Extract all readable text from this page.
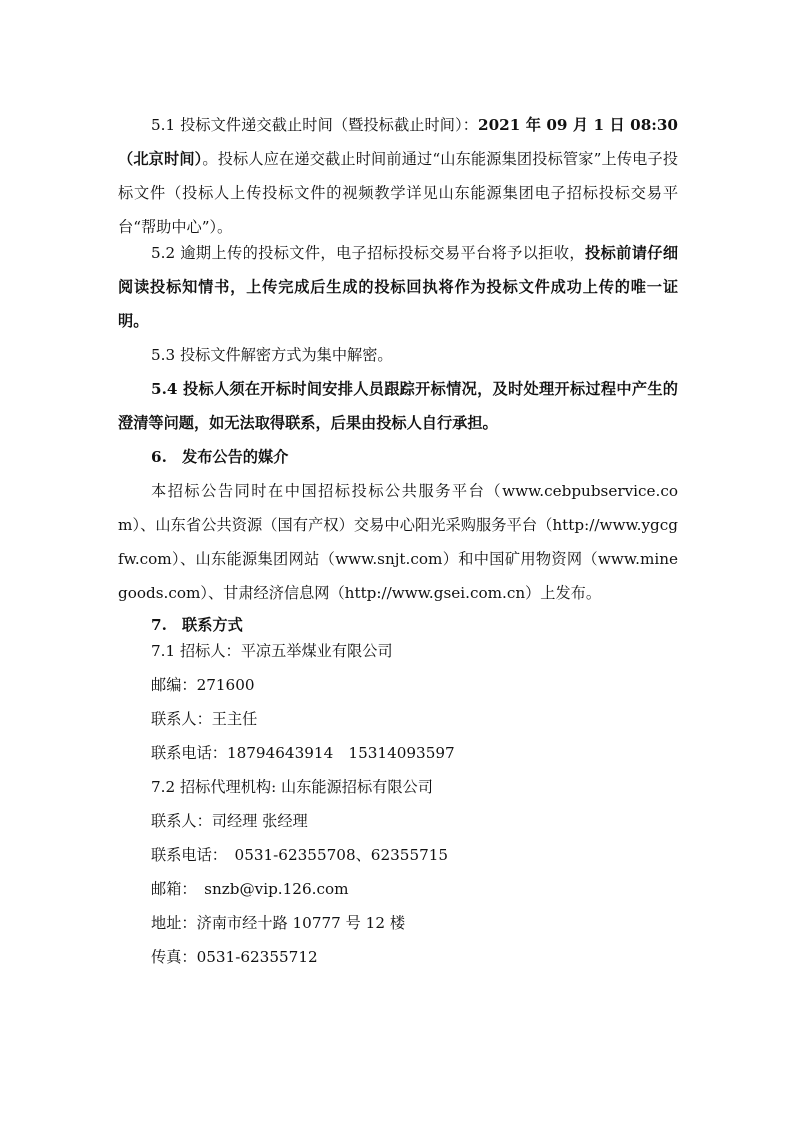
5.1 投标文件递交截止时间（暨投标截止时间）：2021 年 09 月 1 日 08:30（北京时间）。投标人应在递交截止时间前通过“山东能源集团投标管家”上传电子投标文件（投标人上传投标文件的视频教学详见山东能源集团电子招标投标交易平台“帮助中心”）。

5.2 逾期上传的投标文件，电子招标投标交易平台将予以拒收，投标前请仔细阅读投标知情书，上传完成后生成的投标回执将作为投标文件成功上传的唯一证明。

5.3 投标文件解密方式为集中解密。

5.4 投标人须在开标时间安排人员跟踪开标情况，及时处理开标过程中产生的澄清等问题，如无法取得联系，后果由投标人自行承担。

6.　发布公告的媒介

本招标公告同时在中国招标投标公共服务平台（www.cebpubservice.com）、山东省公共资源（国有产权）交易中心阳光采购服务平台（http://www.ygcgfw.com）、山东能源集团网站（www.snjt.com）和中国矿用物资网（www.minegoods.com）、甘肃经济信息网（http://www.gsei.com.cn）上发布。

7.　联系方式

7.1 招标人：平凉五举煤业有限公司

邮编：271600

联系人：王主任

联系电话：18794643914　15314093597

7.2 招标代理机构: 山东能源招标有限公司

联系人：司经理 张经理

联系电话：　0531-62355708、62355715

邮箱：　snzb@vip.126.com

地址：济南市经十路 10777 号 12 楼

传真：0531-62355712
